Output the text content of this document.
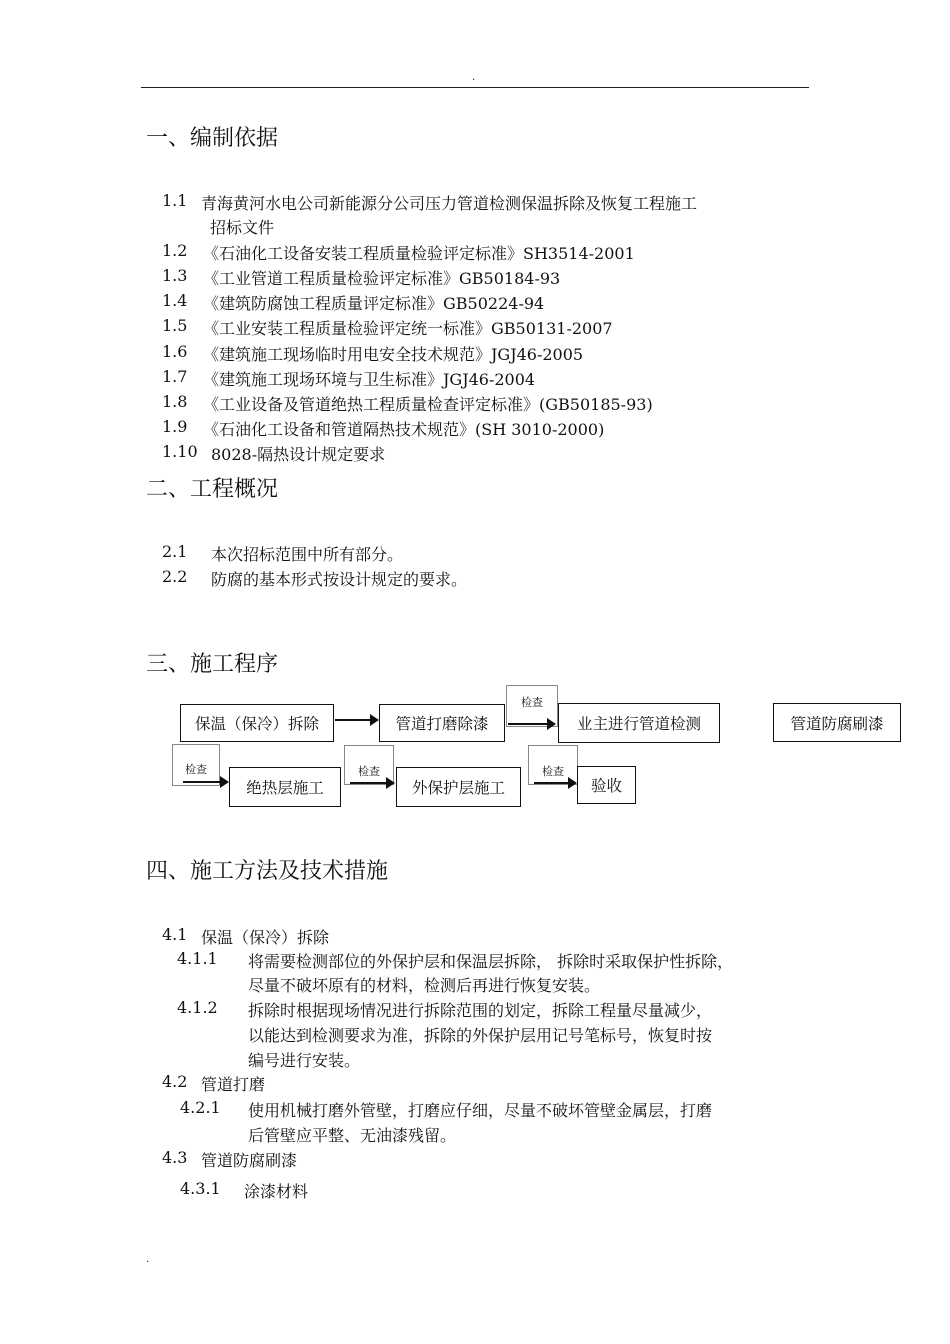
.
一、编制依据
1.1 青海黄河水电公司新能源分公司压力管道检测保温拆除及恢复工程施工
招标文件
1.2 《石油化工设备安装工程质量检验评定标准》SH3514-2001
1.3 《工业管道工程质量检验评定标准》GB50184-93
1.4 《建筑防腐蚀工程质量评定标准》GB50224-94
1.5 《工业安装工程质量检验评定统一标准》GB50131-2007
1.6 《建筑施工现场临时用电安全技术规范》JGJ46-2005
1.7 《建筑施工现场环境与卫生标准》JGJ46-2004
1.8 《工业设备及管道绝热工程质量检查评定标准》(GB50185-93)
1.9 《石油化工设备和管道隔热技术规范》(SH 3010-2000)
1.10 8028-隔热设计规定要求
二、工程概况
2.1 本次招标范围中所有部分。
2.2 防腐的基本形式按设计规定的要求。
三、施工程序
保温（保冷）拆除	管道打磨除漆
检查
业主进行管道检测	管道防腐刷漆
检查
绝热层施工
检查
外保护层施工
检查
验收
四、施工方法及技术措施
4.1 保温（保冷）拆除
4.1.1 将需要检测部位的外保护层和保温层拆除， 拆除时采取保护性拆除，
尽量不破坏原有的材料，检测后再进行恢复安装。
4.1.2 拆除时根据现场情况进行拆除范围的划定，拆除工程量尽量减少，
以能达到检测要求为准，拆除的外保护层用记号笔标号，恢复时按
编号进行安装。
4.2 管道打磨
4.2.1 使用机械打磨外管壁，打磨应仔细，尽量不破坏管壁金属层，打磨
后管壁应平整、无油漆残留。
4.3 管道防腐刷漆
4.3.1 涂漆材料
.
